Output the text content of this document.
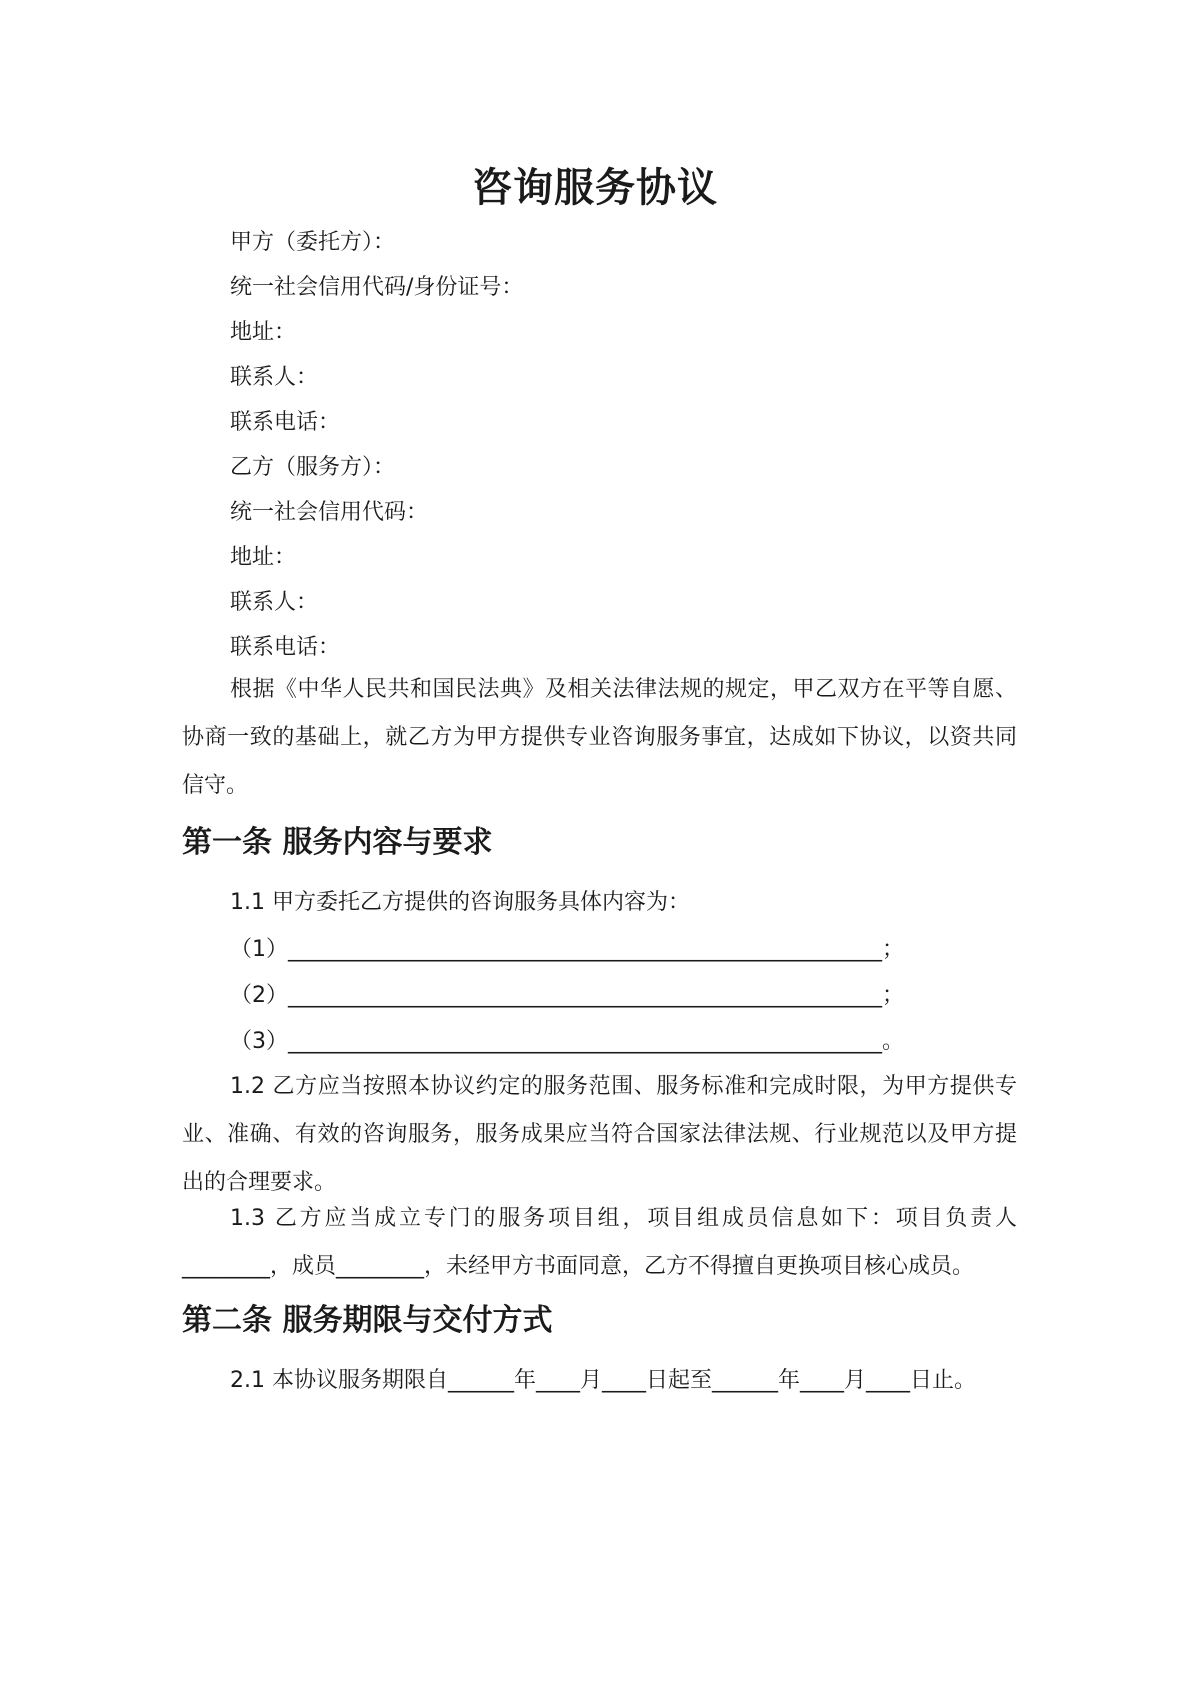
咨询服务协议
甲方（委托方）：
统一社会信用代码/身份证号：
地址：
联系人：
联系电话：
乙方（服务方）：
统一社会信用代码：
地址：
联系人：
联系电话：
根据《中华人民共和国民法典》及相关法律法规的规定，甲乙双方在平等自愿、协商一致的基础上，就乙方为甲方提供专业咨询服务事宜，达成如下协议，以资共同信守。
第一条 服务内容与要求
1.1 甲方委托乙方提供的咨询服务具体内容为：
（1）______________________________________________________；
（2）______________________________________________________；
（3）______________________________________________________。
1.2 乙方应当按照本协议约定的服务范围、服务标准和完成时限，为甲方提供专业、准确、有效的咨询服务，服务成果应当符合国家法律法规、行业规范以及甲方提出的合理要求。
1.3 乙方应当成立专门的服务项目组，项目组成员信息如下：项目负责人________，成员________，未经甲方书面同意，乙方不得擅自更换项目核心成员。
第二条 服务期限与交付方式
2.1 本协议服务期限自______年____月____日起至______年____月____日止。
